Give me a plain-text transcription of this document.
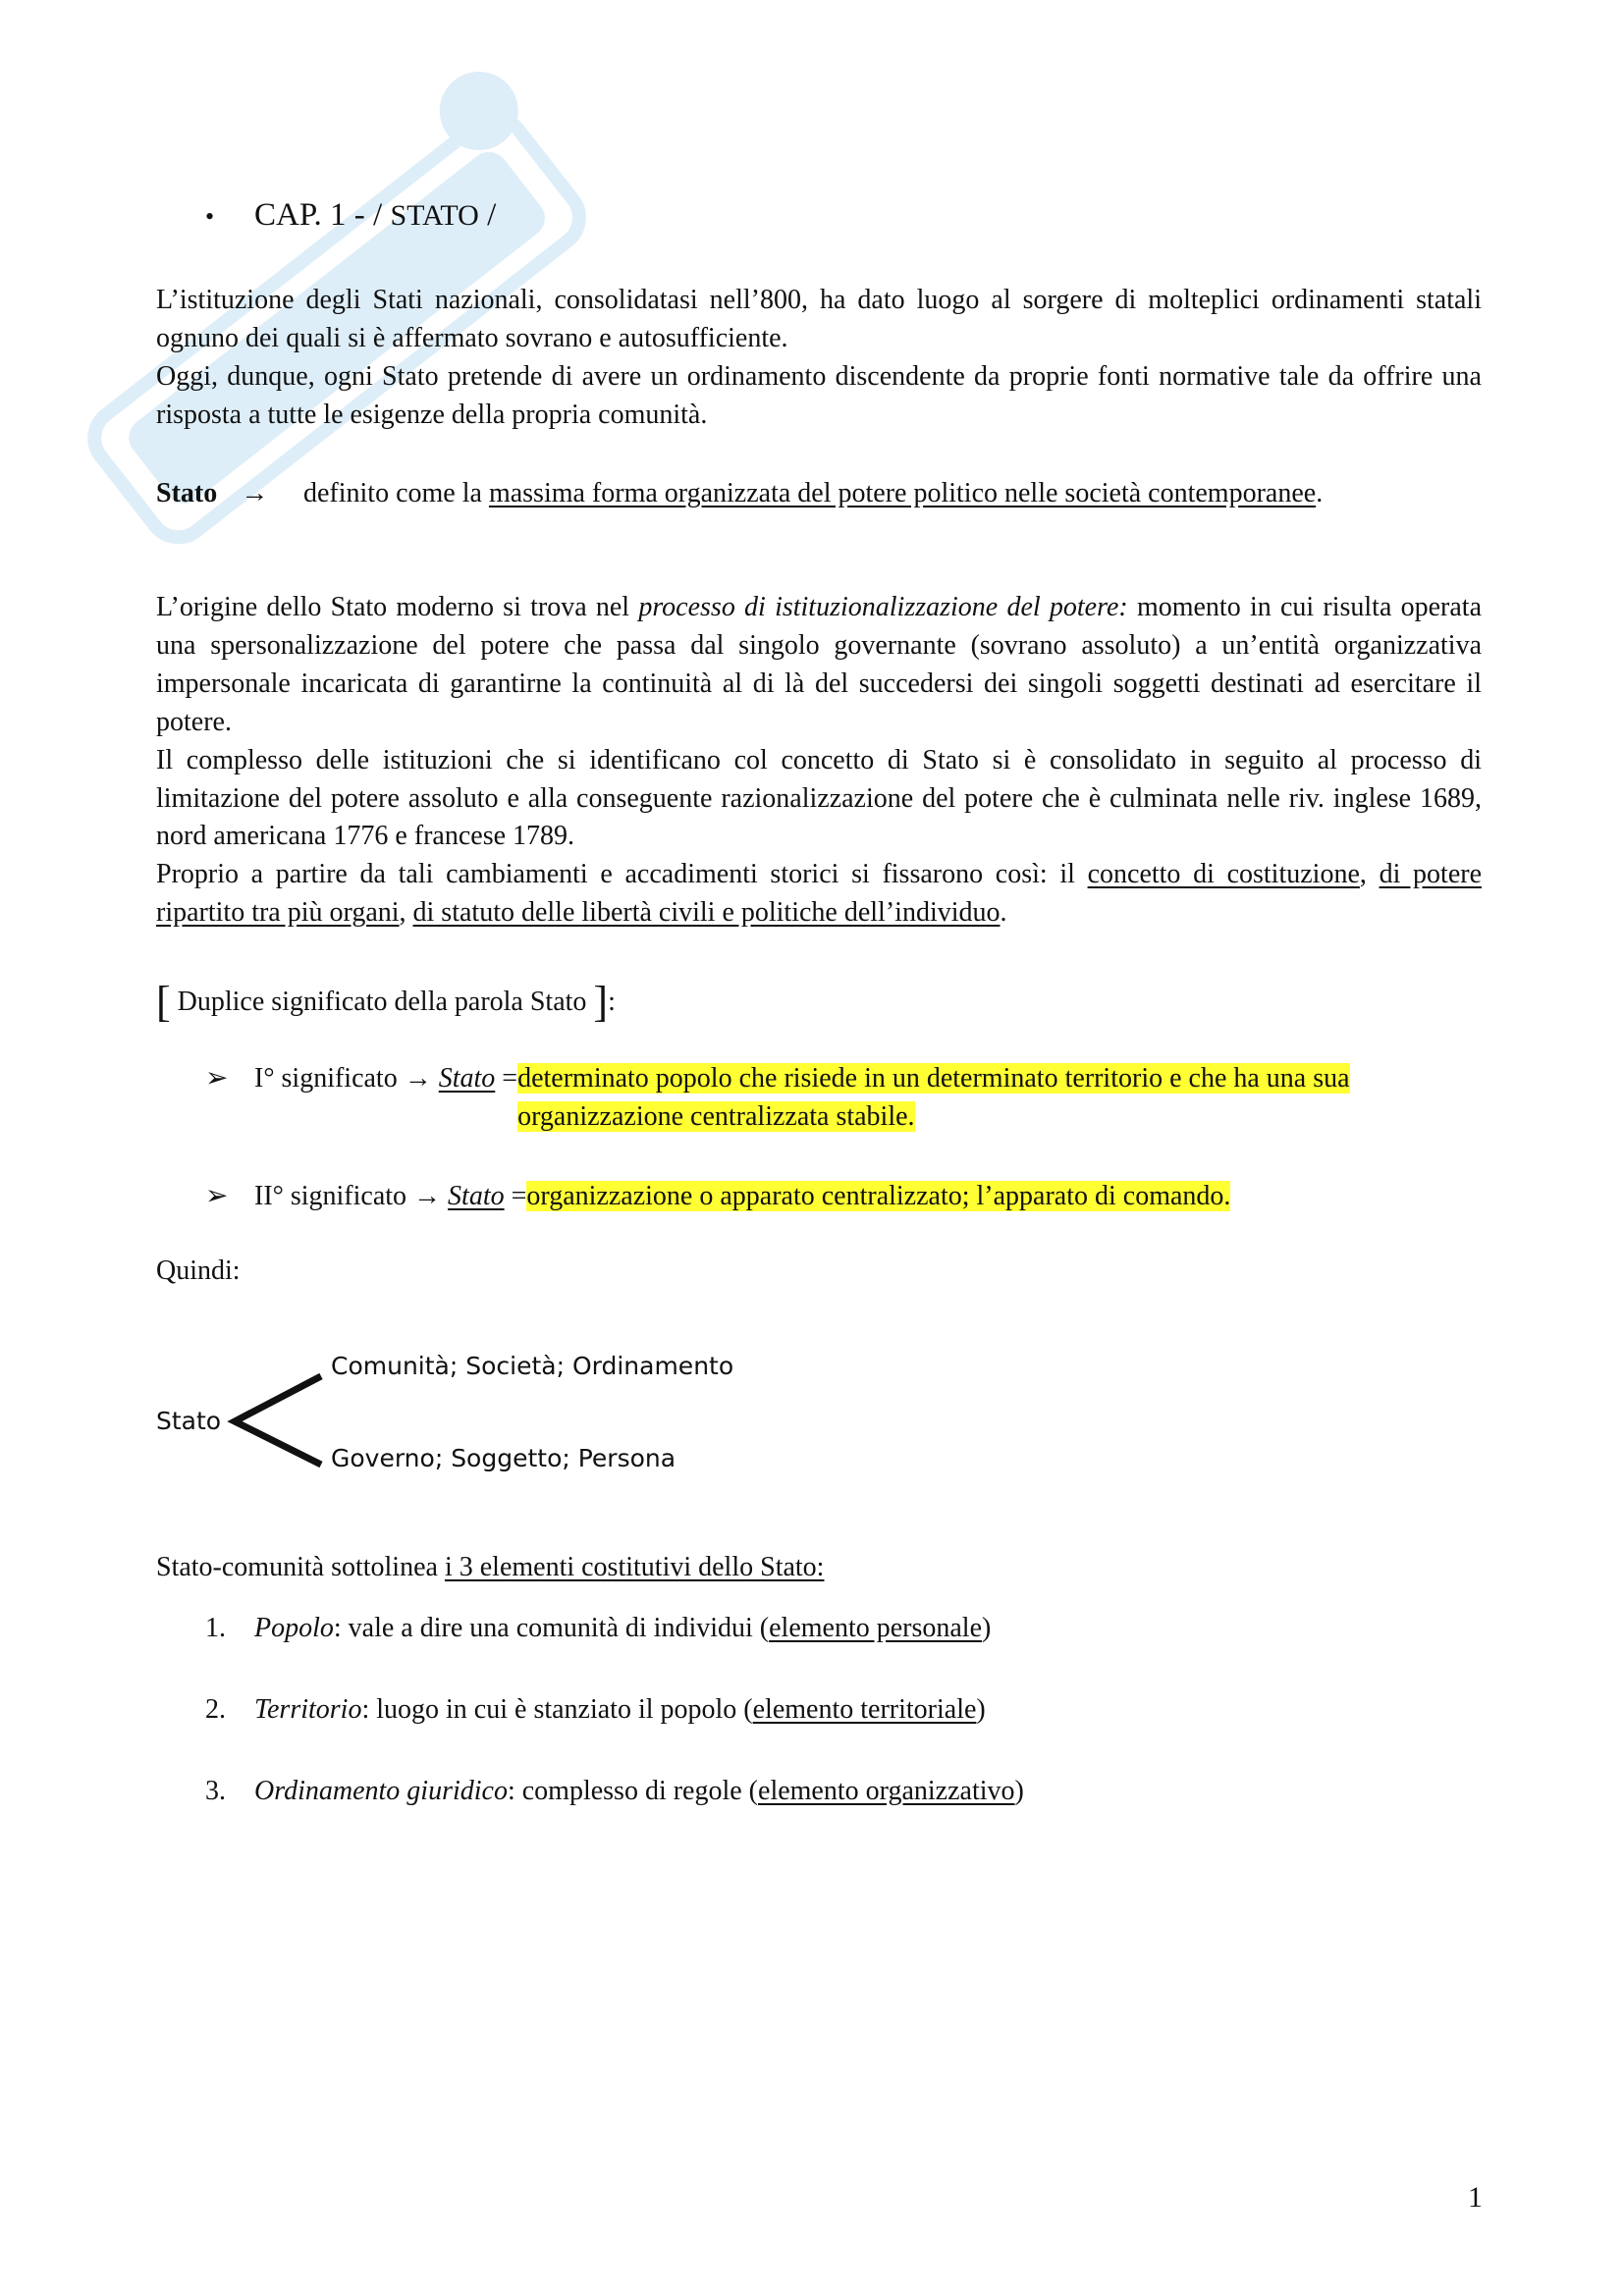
• CAP. 1 - / STATO /

L’istituzione degli Stati nazionali, consolidatasi nell’800, ha dato luogo al sorgere di molteplici ordinamenti statali ognuno dei quali si è affermato sovrano e autosufficiente.

Oggi, dunque, ogni Stato pretende di avere un ordinamento discendente da proprie fonti normative tale da offrire una risposta a tutte le esigenze della propria comunità.

Stato → definito come la massima forma organizzata del potere politico nelle società contemporanee.

L’origine dello Stato moderno si trova nel processo di istituzionalizzazione del potere: momento in cui risulta operata una spersonalizzazione del potere che passa dal singolo governante (sovrano assoluto) a un’entità organizzativa impersonale incaricata di garantirne la continuità al di là del succedersi dei singoli soggetti destinati ad esercitare il potere.

Il complesso delle istituzioni che si identificano col concetto di Stato si è consolidato in seguito al processo di limitazione del potere assoluto e alla conseguente razionalizzazione del potere che è culminata nelle riv. inglese 1689, nord americana 1776 e francese 1789.

Proprio a partire da tali cambiamenti e accadimenti storici si fissarono così: il concetto di costituzione, di potere ripartito tra più organi, di statuto delle libertà civili e politiche dell’individuo.

[ Duplice significato della parola Stato ]:
➢ I° significato → Stato = determinato popolo che risiede in un determinato territorio e che ha una sua organizzazione centralizzata stabile.
➢ II° significato → Stato = organizzazione o apparato centralizzato; l’apparato di comando.
Quindi:
Stato
Comunità; Società; Ordinamento
Governo; Soggetto; Persona
Stato-comunità sottolinea i 3 elementi costitutivi dello Stato:
1.	Popolo: vale a dire una comunità di individui (elemento personale)
2.	Territorio: luogo in cui è stanziato il popolo (elemento territoriale)
3.	Ordinamento giuridico: complesso di regole (elemento organizzativo)
1
